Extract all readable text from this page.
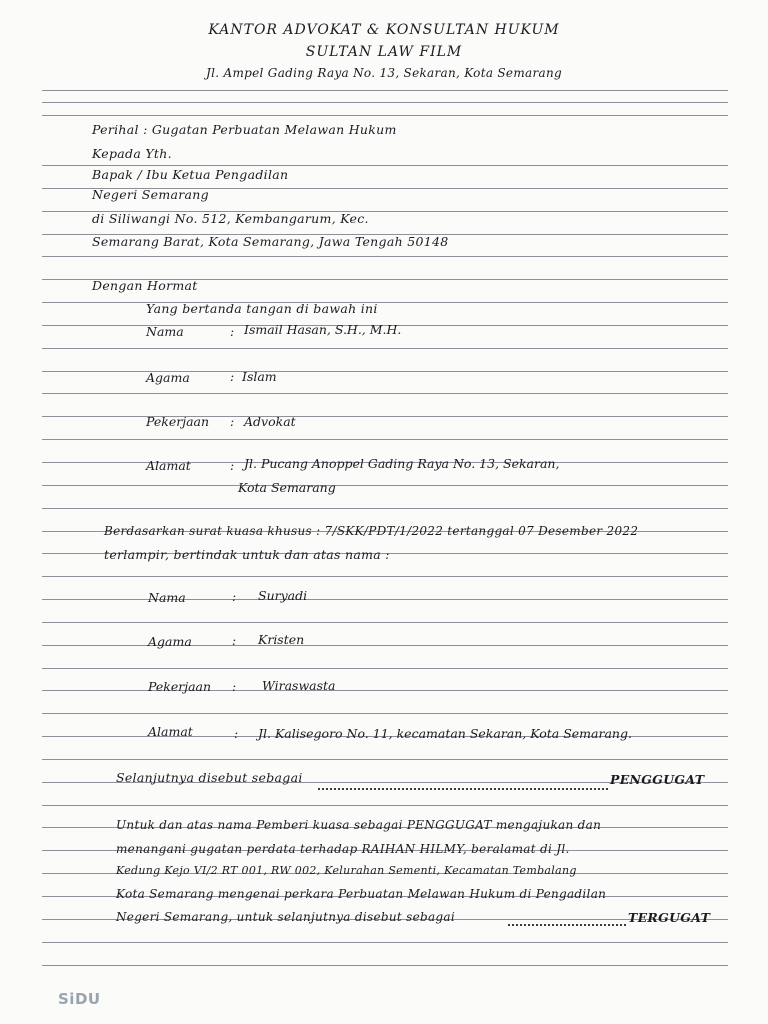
KANTOR ADVOKAT & KONSULTAN HUKUM
SULTAN LAW FILM
Jl. Ampel Gading Raya No. 13, Sekaran, Kota Semarang
Perihal : Gugatan Perbuatan Melawan Hukum
Kepada Yth.
Bapak / Ibu Ketua Pengadilan
Negeri Semarang
di Siliwangi No. 512, Kembangarum, Kec.
Semarang Barat, Kota Semarang, Jawa Tengah 50148
Dengan Hormat
Yang bertanda tangan di bawah ini
Nama	: Ismail Hasan, S.H., M.H.
Agama	: Islam
Pekerjaan : Advokat
Alamat	: Jl. Pucang Anoppel Gading Raya No. 13, Sekaran,
Kota Semarang
Berdasarkan surat kuasa khusus : 7/SKK/PDT/1/2022 tertanggal 07 Desember 2022
terlampir, bertindak untuk dan atas nama :
Nama	: Suryadi
Agama	: Kristen
Pekerjaan : Wiraswasta
Alamat	: Jl. Kalisegoro No. 11, kecamatan Sekaran, Kota Semarang.
Selanjutnya disebut sebagai	PENGGUGAT
Untuk dan atas nama Pemberi kuasa sebagai PENGGUGAT mengajukan dan
menangani gugatan perdata terhadap RAIHAN HILMY, beralamat di Jl.
Kedung Kejo VI/2 RT 001, RW 002, Kelurahan Sementi, Kecamatan Tembalang
Kota Semarang mengenai perkara Perbuatan Melawan Hukum di Pengadilan
Negeri Semarang, untuk selanjutnya disebut sebagai	TERGUGAT
SiDU
